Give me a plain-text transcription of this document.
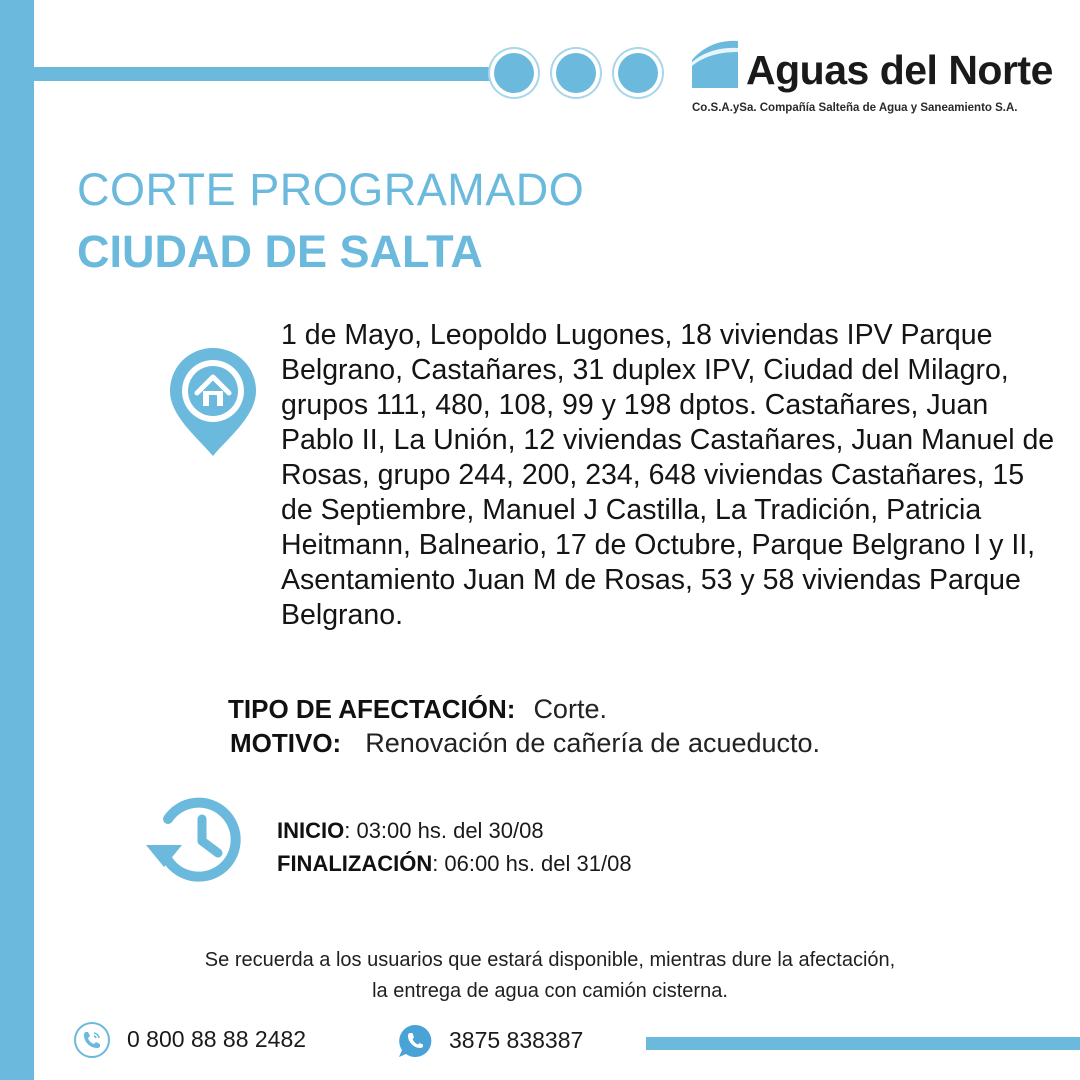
Aguas del Norte
Co.S.A.ySa. Compañía Salteña de Agua y Saneamiento S.A.
CORTE PROGRAMADO
CIUDAD DE SALTA
1 de Mayo, Leopoldo Lugones, 18 viviendas IPV Parque Belgrano, Castañares, 31 duplex IPV, Ciudad del Milagro, grupos 111, 480, 108, 99 y 198 dptos. Castañares, Juan Pablo II, La Unión, 12 viviendas Castañares, Juan Manuel de Rosas, grupo 244, 200, 234, 648 viviendas Castañares, 15 de Septiembre, Manuel J Castilla, La Tradición, Patricia Heitmann, Balneario, 17 de Octubre, Parque Belgrano I y II, Asentamiento Juan M de Rosas, 53 y 58 viviendas Parque Belgrano.
TIPO DE AFECTACIÓN: Corte.
MOTIVO: Renovación de cañería de acueducto.
INICIO: 03:00 hs. del 30/08
FINALIZACIÓN: 06:00 hs. del 31/08
Se recuerda a los usuarios que estará disponible, mientras dure la afectación,
la entrega de agua con camión cisterna.
0 800 88 88 2482	3875 838387
